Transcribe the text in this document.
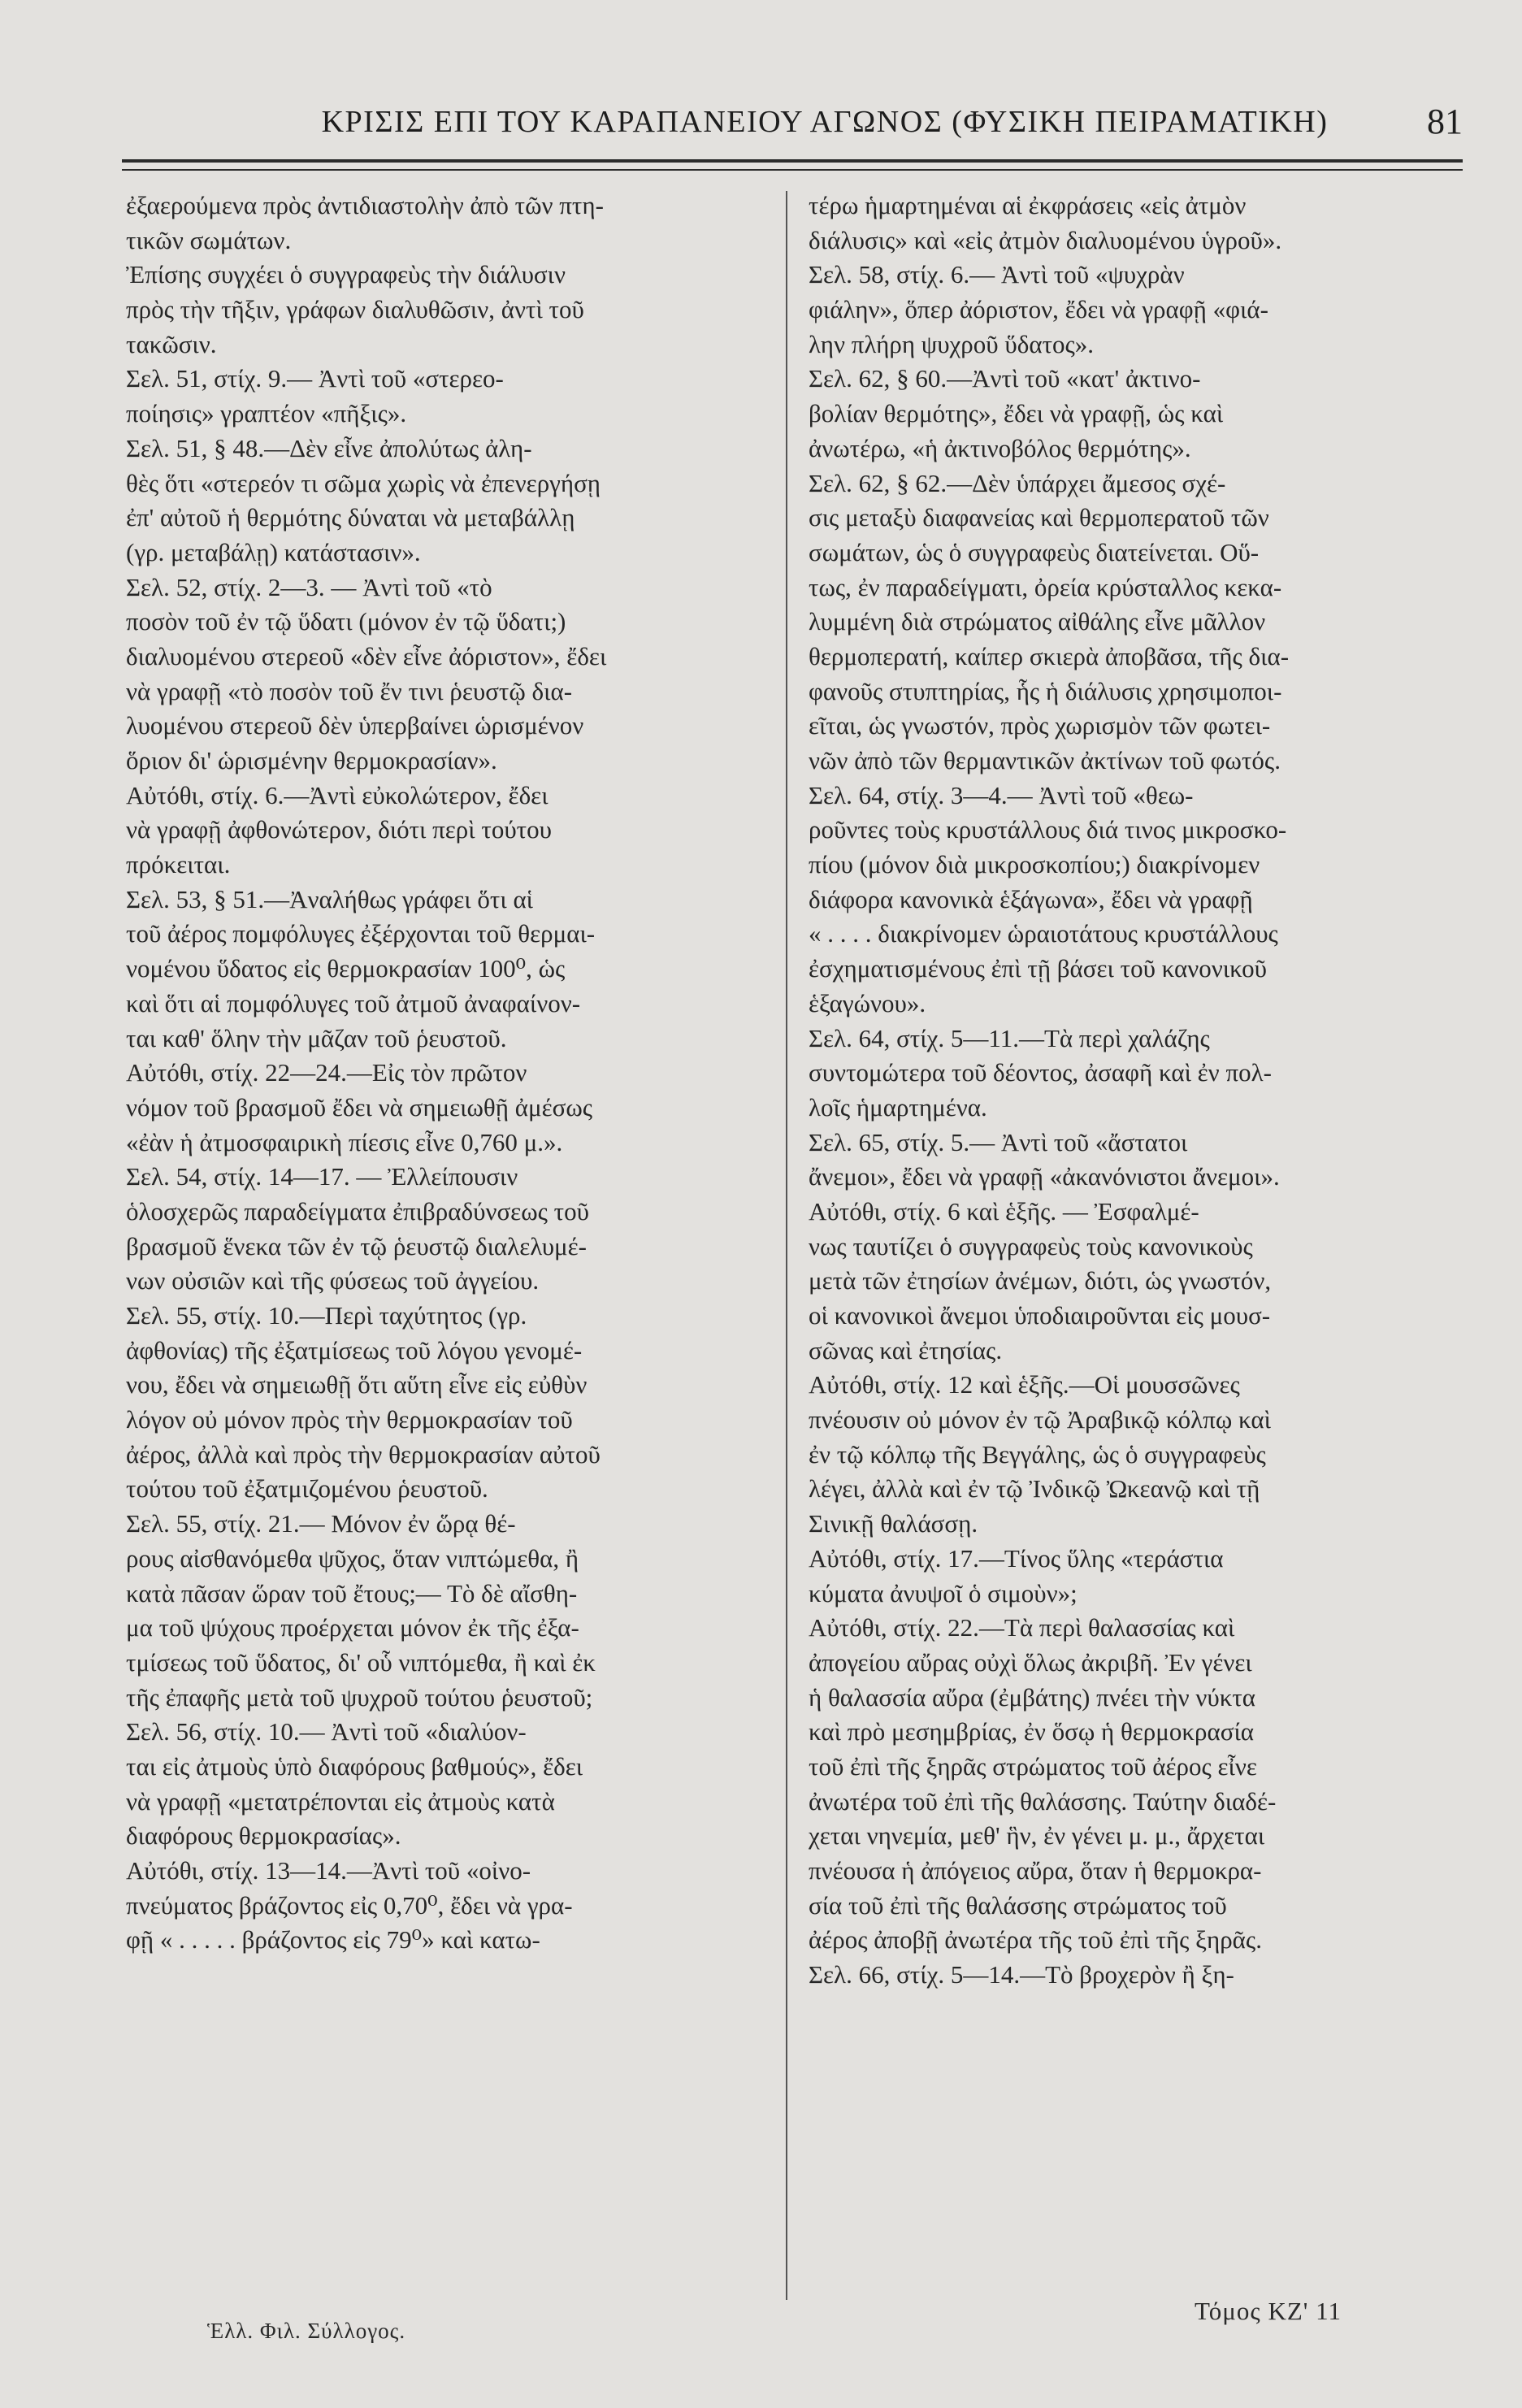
ΚΡΙΣΙΣ ΕΠΙ ΤΟΥ ΚΑΡΑΠΑΝΕΙΟΥ ΑΓΩΝΟΣ (ΦΥΣΙΚΗ ΠΕΙΡΑΜΑΤΙΚΗ)	81
ἐξαερούμενα πρὸς ἀντιδιαστολὴν ἀπὸ τῶν πτη-
τικῶν σωμάτων.
Ἐπίσης συγχέει ὁ συγγραφεὺς τὴν διάλυσιν
πρὸς τὴν τῆξιν, γράφων διαλυθῶσιν, ἀντὶ τοῦ
τακῶσιν.
Σελ. 51, στίχ. 9.— Ἀντὶ τοῦ «στερεο-
ποίησις» γραπτέον «πῆξις».
Σελ. 51, § 48.—Δὲν εἶνε ἀπολύτως ἀλη-
θὲς ὅτι «στερεόν τι σῶμα χωρὶς νὰ ἐπενεργήσῃ
ἐπ' αὐτοῦ ἡ θερμότης δύναται νὰ μεταβάλλῃ
(γρ. μεταβάλῃ) κατάστασιν».
Σελ. 52, στίχ. 2—3. — Ἀντὶ τοῦ «τὸ
ποσὸν τοῦ ἐν τῷ ὕδατι (μόνον ἐν τῷ ὕδατι;)
διαλυομένου στερεοῦ «δὲν εἶνε ἀόριστον», ἔδει
νὰ γραφῇ «τὸ ποσὸν τοῦ ἔν τινι ῥευστῷ δια-
λυομένου στερεοῦ δὲν ὑπερβαίνει ὡρισμένον
ὅριον δι' ὡρισμένην θερμοκρασίαν».
Αὐτόθι, στίχ. 6.—Ἀντὶ εὐκολώτερον, ἔδει
νὰ γραφῇ ἀφθονώτερον, διότι περὶ τούτου
πρόκειται.
Σελ. 53, § 51.—Ἀναλήθως γράφει ὅτι αἱ
τοῦ ἀέρος πομφόλυγες ἐξέρχονται τοῦ θερμαι-
νομένου ὕδατος εἰς θερμοκρασίαν 100⁰, ὡς
καὶ ὅτι αἱ πομφόλυγες τοῦ ἀτμοῦ ἀναφαίνον-
ται καθ' ὅλην τὴν μᾶζαν τοῦ ῥευστοῦ.
Αὐτόθι, στίχ. 22—24.—Εἰς τὸν πρῶτον
νόμον τοῦ βρασμοῦ ἔδει νὰ σημειωθῇ ἀμέσως
«ἐὰν ἡ ἀτμοσφαιρικὴ πίεσις εἶνε 0,760 μ.».
Σελ. 54, στίχ. 14—17. — Ἐλλείπουσιν
ὁλοσχερῶς παραδείγματα ἐπιβραδύνσεως τοῦ
βρασμοῦ ἕνεκα τῶν ἐν τῷ ῥευστῷ διαλελυμέ-
νων οὐσιῶν καὶ τῆς φύσεως τοῦ ἀγγείου.
Σελ. 55, στίχ. 10.—Περὶ ταχύτητος (γρ.
ἀφθονίας) τῆς ἐξατμίσεως τοῦ λόγου γενομέ-
νου, ἔδει νὰ σημειωθῇ ὅτι αὕτη εἶνε εἰς εὐθὺν
λόγον οὐ μόνον πρὸς τὴν θερμοκρασίαν τοῦ
ἀέρος, ἀλλὰ καὶ πρὸς τὴν θερμοκρασίαν αὐτοῦ
τούτου τοῦ ἐξατμιζομένου ῥευστοῦ.
Σελ. 55, στίχ. 21.— Μόνον ἐν ὥρᾳ θέ-
ρους αἰσθανόμεθα ψῦχος, ὅταν νιπτώμεθα, ἢ
κατὰ πᾶσαν ὥραν τοῦ ἔτους;— Τὸ δὲ αἴσθη-
μα τοῦ ψύχους προέρχεται μόνον ἐκ τῆς ἐξα-
τμίσεως τοῦ ὕδατος, δι' οὗ νιπτόμεθα, ἢ καὶ ἐκ
τῆς ἐπαφῆς μετὰ τοῦ ψυχροῦ τούτου ῥευστοῦ;
Σελ. 56, στίχ. 10.— Ἀντὶ τοῦ «διαλύον-
ται εἰς ἀτμοὺς ὑπὸ διαφόρους βαθμούς», ἔδει
νὰ γραφῇ «μετατρέπονται εἰς ἀτμοὺς κατὰ
διαφόρους θερμοκρασίας».
Αὐτόθι, στίχ. 13—14.—Ἀντὶ τοῦ «οἰνο-
πνεύματος βράζοντος εἰς 0,70⁰, ἔδει νὰ γρα-
φῇ « . . . . . βράζοντος εἰς 79⁰» καὶ κατω-
τέρω ἡμαρτημέναι αἱ ἐκφράσεις «εἰς ἀτμὸν
διάλυσις» καὶ «εἰς ἀτμὸν διαλυομένου ὑγροῦ».
Σελ. 58, στίχ. 6.— Ἀντὶ τοῦ «ψυχρὰν
φιάλην», ὅπερ ἀόριστον, ἔδει νὰ γραφῇ «φιά-
λην πλήρη ψυχροῦ ὕδατος».
Σελ. 62, § 60.—Ἀντὶ τοῦ «κατ' ἀκτινο-
βολίαν θερμότης», ἔδει νὰ γραφῇ, ὡς καὶ
ἀνωτέρω, «ἡ ἀκτινοβόλος θερμότης».
Σελ. 62, § 62.—Δὲν ὑπάρχει ἄμεσος σχέ-
σις μεταξὺ διαφανείας καὶ θερμοπερατοῦ τῶν
σωμάτων, ὡς ὁ συγγραφεὺς διατείνεται. Οὕ-
τως, ἐν παραδείγματι, ὀρεία κρύσταλλος κεκα-
λυμμένη διὰ στρώματος αἰθάλης εἶνε μᾶλλον
θερμοπερατή, καίπερ σκιερὰ ἀποβᾶσα, τῆς δια-
φανοῦς στυπτηρίας, ἧς ἡ διάλυσις χρησιμοποι-
εῖται, ὡς γνωστόν, πρὸς χωρισμὸν τῶν φωτει-
νῶν ἀπὸ τῶν θερμαντικῶν ἀκτίνων τοῦ φωτός.
Σελ. 64, στίχ. 3—4.— Ἀντὶ τοῦ «θεω-
ροῦντες τοὺς κρυστάλλους διά τινος μικροσκο-
πίου (μόνον διὰ μικροσκοπίου;) διακρίνομεν
διάφορα κανονικὰ ἑξάγωνα», ἔδει νὰ γραφῇ
« . . . . διακρίνομεν ὡραιοτάτους κρυστάλλους
ἐσχηματισμένους ἐπὶ τῇ βάσει τοῦ κανονικοῦ
ἑξαγώνου».
Σελ. 64, στίχ. 5—11.—Τὰ περὶ χαλάζης
συντομώτερα τοῦ δέοντος, ἀσαφῆ καὶ ἐν πολ-
λοῖς ἡμαρτημένα.
Σελ. 65, στίχ. 5.— Ἀντὶ τοῦ «ἄστατοι
ἄνεμοι», ἔδει νὰ γραφῇ «ἀκανόνιστοι ἄνεμοι».
Αὐτόθι, στίχ. 6 καὶ ἑξῆς. — Ἐσφαλμέ-
νως ταυτίζει ὁ συγγραφεὺς τοὺς κανονικοὺς
μετὰ τῶν ἐτησίων ἀνέμων, διότι, ὡς γνωστόν,
οἱ κανονικοὶ ἄνεμοι ὑποδιαιροῦνται εἰς μουσ-
σῶνας καὶ ἐτησίας.
Αὐτόθι, στίχ. 12 καὶ ἑξῆς.—Οἱ μουσσῶνες
πνέουσιν οὐ μόνον ἐν τῷ Ἀραβικῷ κόλπῳ καὶ
ἐν τῷ κόλπῳ τῆς Βεγγάλης, ὡς ὁ συγγραφεὺς
λέγει, ἀλλὰ καὶ ἐν τῷ Ἰνδικῷ Ὠκεανῷ καὶ τῇ
Σινικῇ θαλάσσῃ.
Αὐτόθι, στίχ. 17.—Τίνος ὕλης «τεράστια
κύματα ἀνυψοῖ ὁ σιμοὺν»;
Αὐτόθι, στίχ. 22.—Τὰ περὶ θαλασσίας καὶ
ἀπογείου αὔρας οὐχὶ ὅλως ἀκριβῆ. Ἐν γένει
ἡ θαλασσία αὔρα (ἐμβάτης) πνέει τὴν νύκτα
καὶ πρὸ μεσημβρίας, ἐν ὅσῳ ἡ θερμοκρασία
τοῦ ἐπὶ τῆς ξηρᾶς στρώματος τοῦ ἀέρος εἶνε
ἀνωτέρα τοῦ ἐπὶ τῆς θαλάσσης. Ταύτην διαδέ-
χεται νηνεμία, μεθ' ἣν, ἐν γένει μ. μ., ἄρχεται
πνέουσα ἡ ἀπόγειος αὔρα, ὅταν ἡ θερμοκρα-
σία τοῦ ἐπὶ τῆς θαλάσσης στρώματος τοῦ
ἀέρος ἀποβῇ ἀνωτέρα τῆς τοῦ ἐπὶ τῆς ξηρᾶς.
Σελ. 66, στίχ. 5—14.—Τὸ βροχερὸν ἢ ξη-
Ἑλλ. Φιλ. Σύλλογος.
Τόμος ΚΖ' 11
